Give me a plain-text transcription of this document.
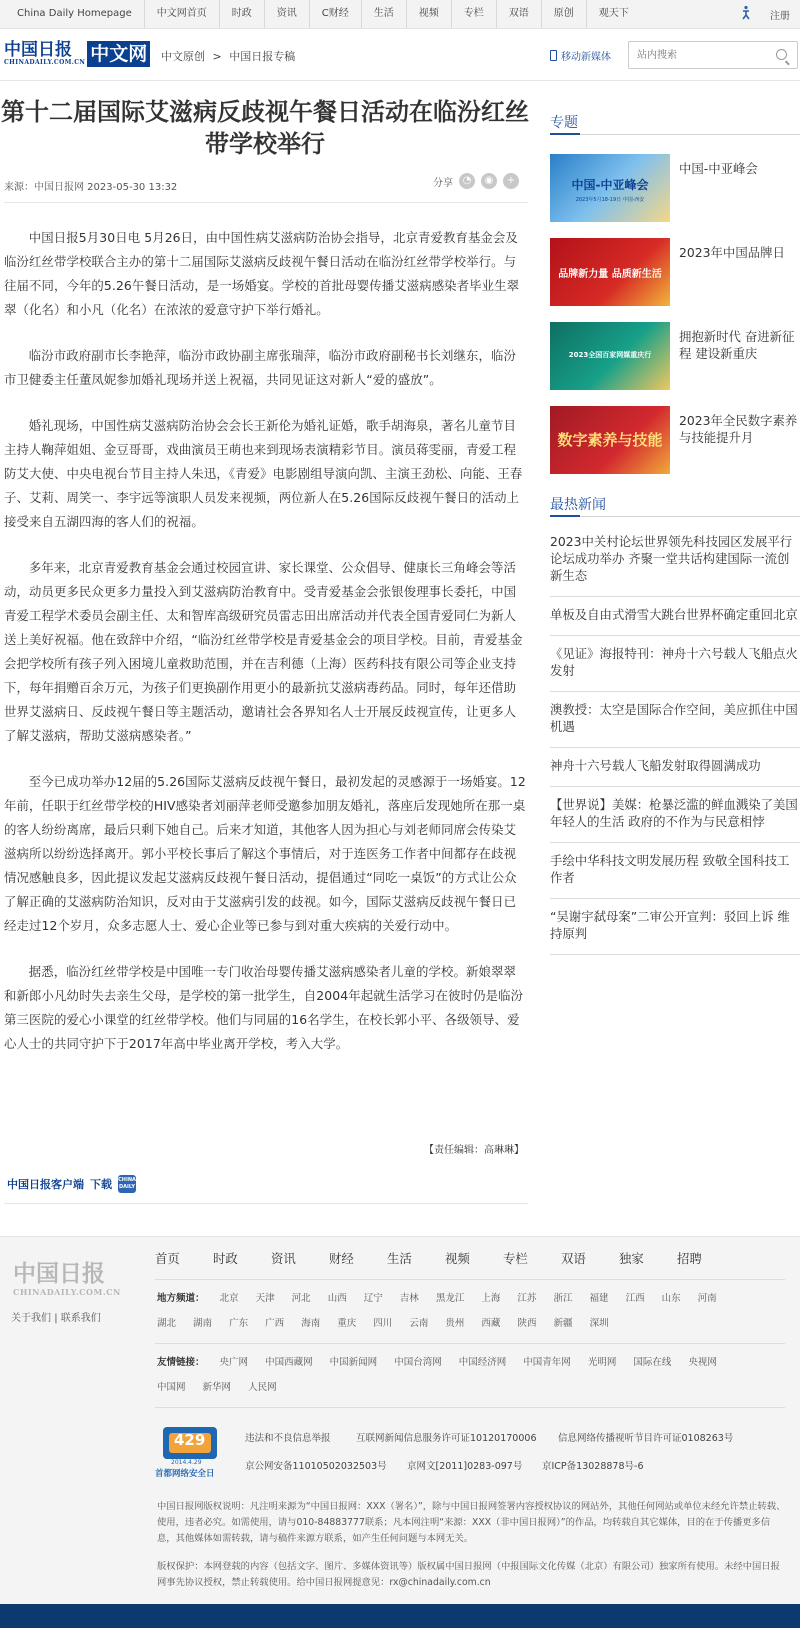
China Daily Homepage	中文网首页	时政	资讯	C财经	生活	视频	专栏	双语	原创	观天下	注册
中国日报
CHINADAILY.COM.CN 中文网 中文原创 > 中国日报专稿	移动新媒体
站内搜索
第十二届国际艾滋病反歧视午餐日活动在临汾红丝带学校举行
来源：中国日报网 2023-05-30 13:32	分享 ◔	◉	+

中国日报5月30日电 5月26日，由中国性病艾滋病防治协会指导，北京青爱教育基金会及临汾红丝带学校联合主办的第十二届国际艾滋病反歧视午餐日活动在临汾红丝带学校举行。与往届不同，今年的5.26午餐日活动，是一场婚宴。学校的首批母婴传播艾滋病感染者毕业生翠翠（化名）和小凡（化名）在浓浓的爱意守护下举行婚礼。

临汾市政府副市长李艳萍，临汾市政协副主席张瑞萍，临汾市政府副秘书长刘继东，临汾市卫健委主任董凤妮参加婚礼现场并送上祝福，共同见证这对新人“爱的盛放”。

婚礼现场，中国性病艾滋病防治协会会长王新伦为婚礼证婚，歌手胡海泉，著名儿童节目主持人鞠萍姐姐、金豆哥哥，戏曲演员王萌也来到现场表演精彩节目。演员蒋雯丽，青爱工程防艾大使、中央电视台节目主持人朱迅，《青爱》电影剧组导演向凯、主演王劲松、向能、王春子、艾莉、周笑一、李宇远等演职人员发来视频，两位新人在5.26国际反歧视午餐日的活动上接受来自五湖四海的客人们的祝福。

多年来，北京青爱教育基金会通过校园宣讲、家长课堂、公众倡导、健康长三角峰会等活动，动员更多民众更多力量投入到艾滋病防治教育中。受青爱基金会张银俊理事长委托，中国青爱工程学术委员会副主任、太和智库高级研究员雷志田出席活动并代表全国青爱同仁为新人送上美好祝福。他在致辞中介绍，“临汾红丝带学校是青爱基金会的项目学校。目前，青爱基金会把学校所有孩子列入困境儿童救助范围，并在吉利德（上海）医药科技有限公司等企业支持下，每年捐赠百余万元，为孩子们更换副作用更小的最新抗艾滋病毒药品。同时，每年还借助世界艾滋病日、反歧视午餐日等主题活动，邀请社会各界知名人士开展反歧视宣传，让更多人了解艾滋病，帮助艾滋病感染者。”

至今已成功举办12届的5.26国际艾滋病反歧视午餐日，最初发起的灵感源于一场婚宴。12年前，任职于红丝带学校的HIV感染者刘丽萍老师受邀参加朋友婚礼，落座后发现她所在那一桌的客人纷纷离席，最后只剩下她自己。后来才知道，其他客人因为担心与刘老师同席会传染艾滋病所以纷纷选择离开。郭小平校长事后了解这个事情后，对于连医务工作者中间都存在歧视情况感触良多，因此提议发起艾滋病反歧视午餐日活动，提倡通过“同吃一桌饭”的方式让公众了解正确的艾滋病防治知识，反对由于艾滋病引发的歧视。如今，国际艾滋病反歧视午餐日已经走过12个岁月，众多志愿人士、爱心企业等已参与到对重大疾病的关爱行动中。

据悉，临汾红丝带学校是中国唯一专门收治母婴传播艾滋病感染者儿童的学校。新娘翠翠和新郎小凡幼时失去亲生父母，是学校的第一批学生，自2004年起就生活学习在彼时仍是临汾第三医院的爱心小课堂的红丝带学校。他们与同届的16名学生，在校长郭小平、各级领导、爱心人士的共同守护下于2017年高中毕业离开学校，考入大学。

【责任编辑：高琳琳】
中国日报客户端 下载 CHINA DAILY
专题
中国-中亚峰会
2023年5月18-19日 中国·西安
中国-中亚峰会
品牌新力量 品质新生活
2023年中国品牌日
2023全国百家网媒重庆行
拥抱新时代 奋进新征程 建设新重庆
数字素养与技能
2023年全民数字素养与技能提升月
最热新闻
2023中关村论坛世界领先科技园区发展平行论坛成功举办 齐聚一堂共话构建国际一流创新生态
单板及自由式滑雪大跳台世界杯确定重回北京
《见证》海报特刊：神舟十六号载人飞船点火发射
澳教授：太空是国际合作空间，美应抓住中国机遇
神舟十六号载人飞船发射取得圆满成功
【世界说】美媒：枪暴泛滥的鲜血溅染了美国年轻人的生活 政府的不作为与民意相悖
手绘中华科技文明发展历程 致敬全国科技工作者
“吴谢宇弑母案”二审公开宣判：驳回上诉 维持原判
中国日报
CHINADAILY.COM.CN
关于我们 | 联系我们
首页	时政	资讯	财经	生活	视频	专栏	双语	独家	招聘
地方频道： 北京 天津 河北 山西 辽宁 吉林 黑龙江 上海 江苏 浙江 福建 江西 山东 河南
湖北 湖南 广东 广西 海南 重庆 四川 云南 贵州 西藏 陕西 新疆 深圳
友情链接： 央广网 中国西藏网 中国新闻网 中国台湾网 中国经济网 中国青年网 光明网 国际在线 央视网
中国网 新华网 人民网
429
2014.4.29
首都网络安全日
违法和不良信息举报	互联网新闻信息服务许可证10120170006 信息网络传播视听节目许可证0108263号
京公网安备11010502032503号 京网文[2011]0283-097号 京ICP备13028878号-6
中国日报网版权说明：凡注明来源为“中国日报网：XXX（署名）”，除与中国日报网签署内容授权协议的网站外，其他任何网站或单位未经允许禁止转载、使用，违者必究。如需使用，请与010-84883777联系；凡本网注明“来源：XXX（非中国日报网）”的作品，均转载自其它媒体，目的在于传播更多信息，其他媒体如需转载，请与稿件来源方联系，如产生任何问题与本网无关。
版权保护：本网登载的内容（包括文字、图片、多媒体资讯等）版权属中国日报网（中报国际文化传媒（北京）有限公司）独家所有使用。未经中国日报网事先协议授权，禁止转载使用。给中国日报网提意见：rx@chinadaily.com.cn
